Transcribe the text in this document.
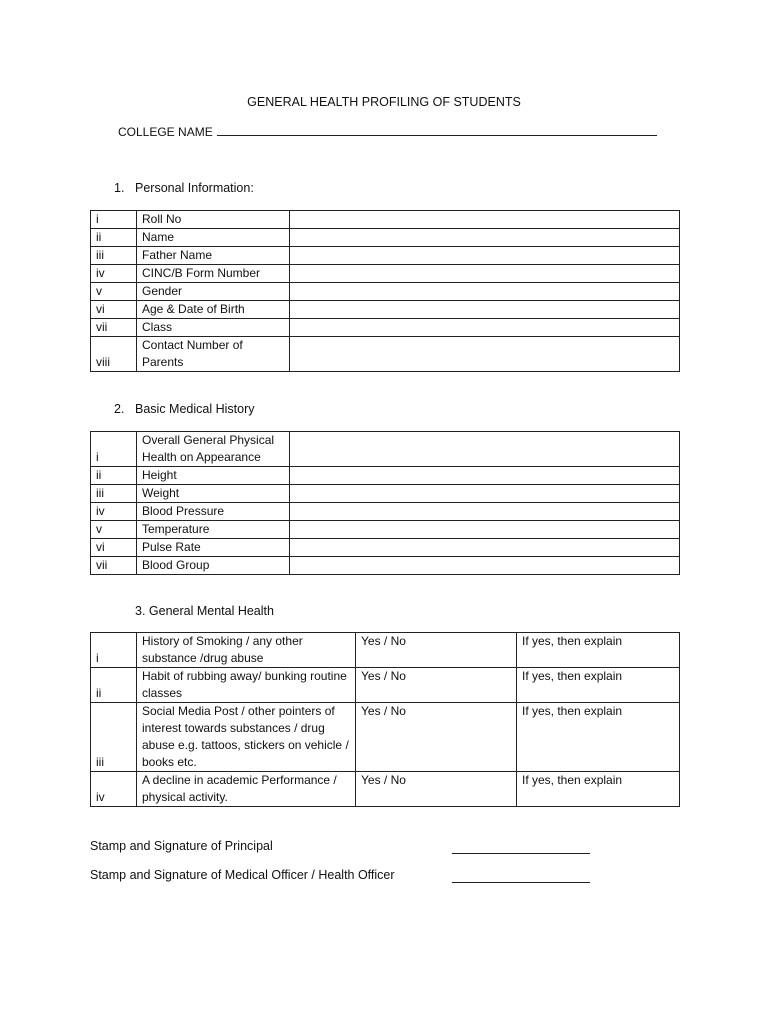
GENERAL HEALTH PROFILING OF STUDENTS
COLLEGE NAME
1. Personal Information:
i	Roll No	
ii	Name	
iii	Father Name	
iv	CINC/B Form Number	
v	Gender	
vi	Age & Date of Birth	
vii	Class	
viii	Contact Number of Parents	
2. Basic Medical History
i	Overall General Physical Health on Appearance	
ii	Height	
iii	Weight	
iv	Blood Pressure	
v	Temperature	
vi	Pulse Rate	
vii	Blood Group	
3. General Mental Health
i	History of Smoking / any other substance /drug abuse	Yes / No	If yes, then explain
ii	Habit of rubbing away/ bunking routine classes	Yes / No	If yes, then explain
iii	Social Media Post / other pointers of interest towards substances / drug abuse e.g. tattoos, stickers on vehicle / books etc.	Yes / No	If yes, then explain
iv	A decline in academic Performance / physical activity.	Yes / No	If yes, then explain
Stamp and Signature of Principal
Stamp and Signature of Medical Officer / Health Officer
